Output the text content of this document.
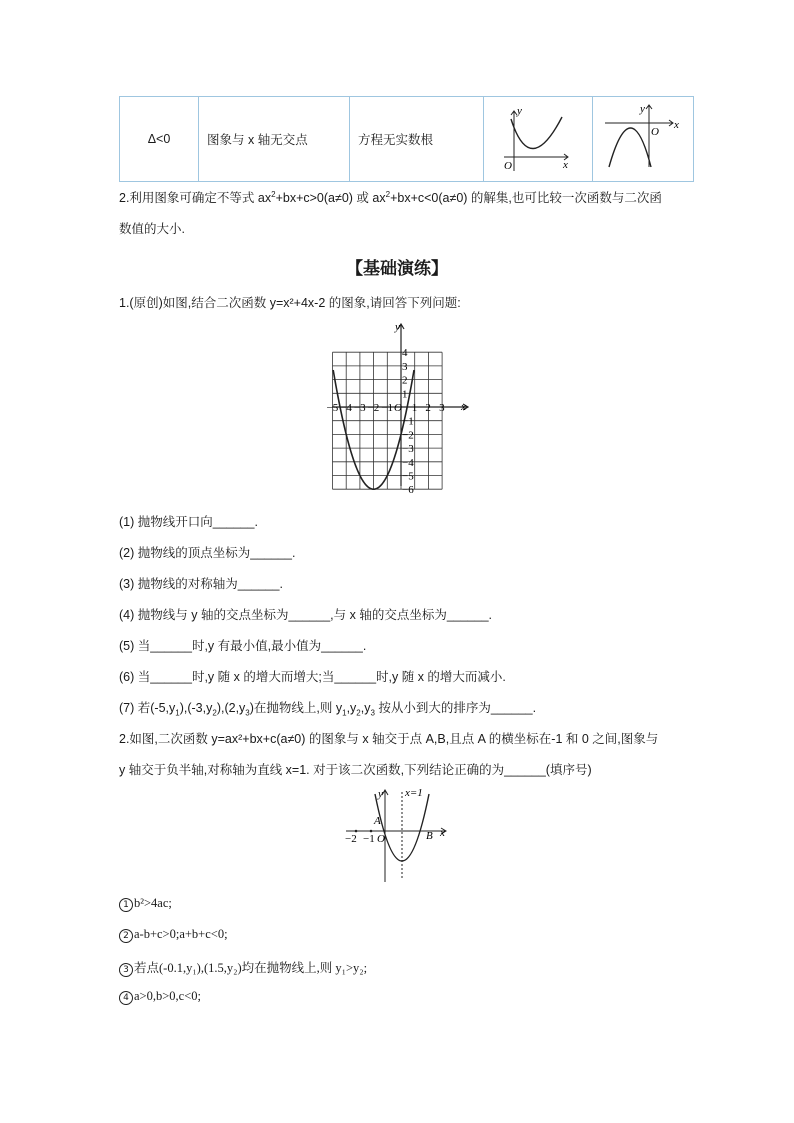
Δ<0	图象与 x 轴无交点	方程无实数根	
y
x
O

y
x
O
2.利用图象可确定不等式 $ax^2+bx+c>0(a\ne 0)$ 或 $ax^2+bx+c<0(a\ne 0)$ 的解集,也可比较一次函数与二次函
数值的大小.
【基础演练】
1.(原创)如图,结合二次函数 y=x²+4x-2 的图象,请回答下列问题:
−5 −4 −3 −2 −1 1 2 3
4
3
2
1
−1
−2
−3
−4
−5
−6
x
y
O
(1) 抛物线开口向______.
(2) 抛物线的顶点坐标为______.
(3) 抛物线的对称轴为______.
(4) 抛物线与 y 轴的交点坐标为______,与 x 轴的交点坐标为______.
(5) 当______时,y 有最小值,最小值为______.
(6) 当______时,y 随 x 的增大而增大;当______时,y 随 x 的增大而减小.
(7) 若$(-5,y_1),(-3,y_2),(2,y_3)$在抛物线上,则 $y_1,y_2,y_3$ 按从小到大的排序为______.
2.如图,二次函数 y=ax²+bx+c(a≠0) 的图象与 x 轴交于点 A,B,且点 A 的横坐标在-1 和 0 之间,图象与
y 轴交于负半轴,对称轴为直线 x=1. 对于该二次函数,下列结论正确的为______(填序号)
y x=1
A
x
B
−2 −1 O
1 b²>4ac;
2 a-b+c>0;a+b+c<0;
3 若点(-0.1,y₁),(1.5,y₂)均在抛物线上,则 y₁>y₂;
4 a>0,b>0,c<0;
